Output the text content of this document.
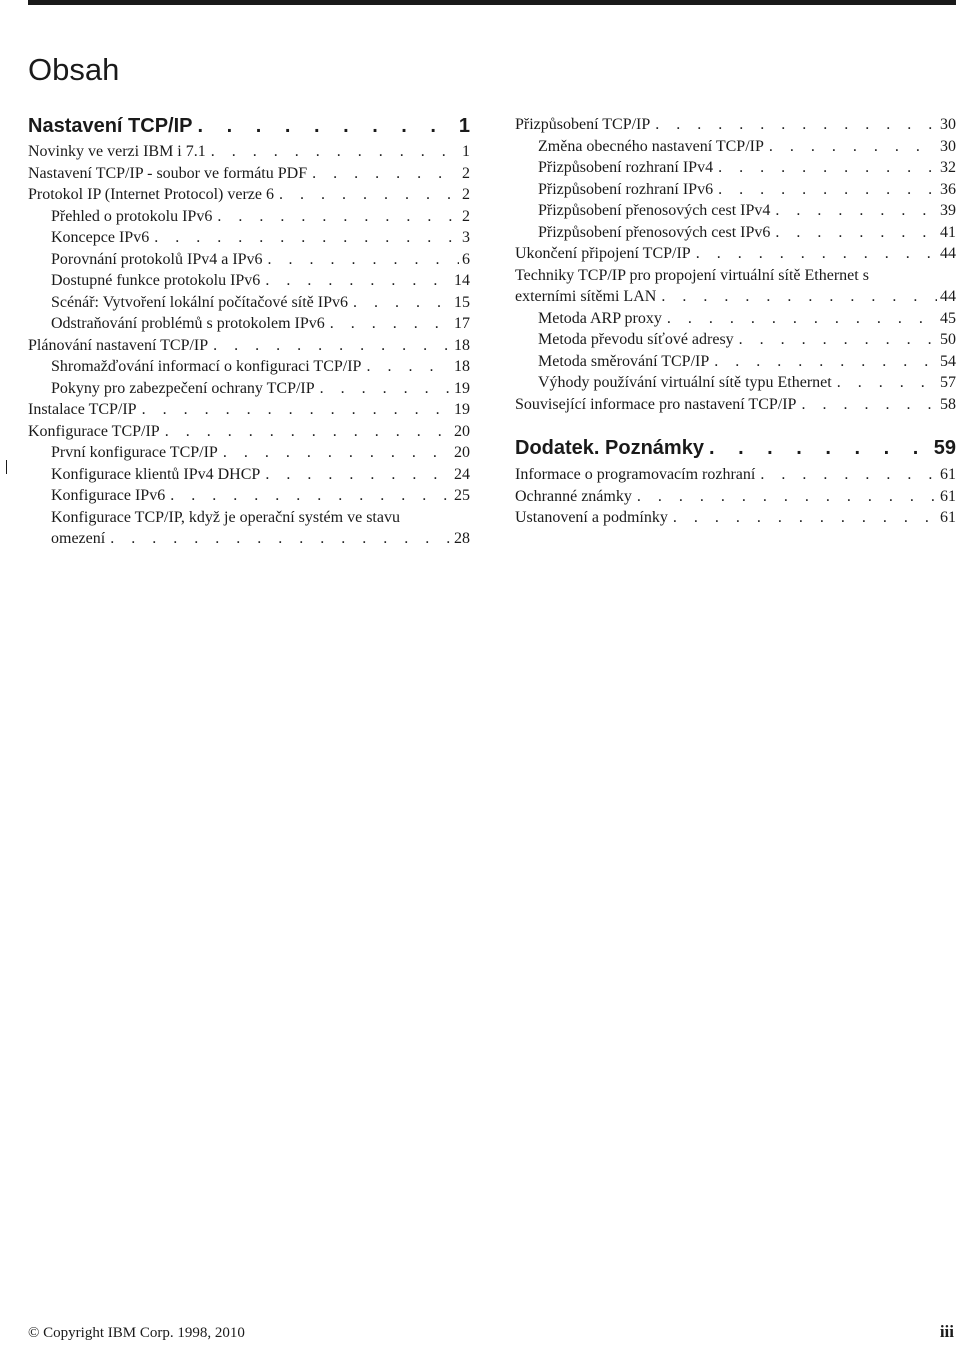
Obsah
Nastavení TCP/IP . . .	1
Novinky ve verzi IBM i 7.1 . . .	1
Nastavení TCP/IP - soubor ve formátu PDF . . .	2
Protokol IP (Internet Protocol) verze 6 . . .	2
Přehled o protokolu IPv6 . . .	2
Koncepce IPv6 . . .	3
Porovnání protokolů IPv4 a IPv6 . . .	6
Dostupné funkce protokolu IPv6 . . .	14
Scénář: Vytvoření lokální počítačové sítě IPv6 . . .	15
Odstraňování problémů s protokolem IPv6 . . .	17
Plánování nastavení TCP/IP . . .	18
Shromažďování informací o konfiguraci TCP/IP . . .	18
Pokyny pro zabezpečení ochrany TCP/IP . . .	19
Instalace TCP/IP . . .	19
Konfigurace TCP/IP . . .	20
První konfigurace TCP/IP . . .	20
Konfigurace klientů IPv4 DHCP . . .	24
Konfigurace IPv6 . . .	25
Konfigurace TCP/IP, když je operační systém ve stavu
omezení . . .	28
Přizpůsobení TCP/IP . . .	30
Změna obecného nastavení TCP/IP . . .	30
Přizpůsobení rozhraní IPv4 . . .	32
Přizpůsobení rozhraní IPv6 . . .	36
Přizpůsobení přenosových cest IPv4 . . .	39
Přizpůsobení přenosových cest IPv6 . . .	41
Ukončení připojení TCP/IP . . .	44
Techniky TCP/IP pro propojení virtuální sítě Ethernet s
externími sítěmi LAN . . .	44
Metoda ARP proxy . . .	45
Metoda převodu síťové adresy . . .	50
Metoda směrování TCP/IP . . .	54
Výhody používání virtuální sítě typu Ethernet . . .	57
Související informace pro nastavení TCP/IP . . .	58
Dodatek. Poznámky . . .	59
Informace o programovacím rozhraní . . .	61
Ochranné známky . . .	61
Ustanovení a podmínky . . .	61
© Copyright IBM Corp. 1998, 2010	iii
